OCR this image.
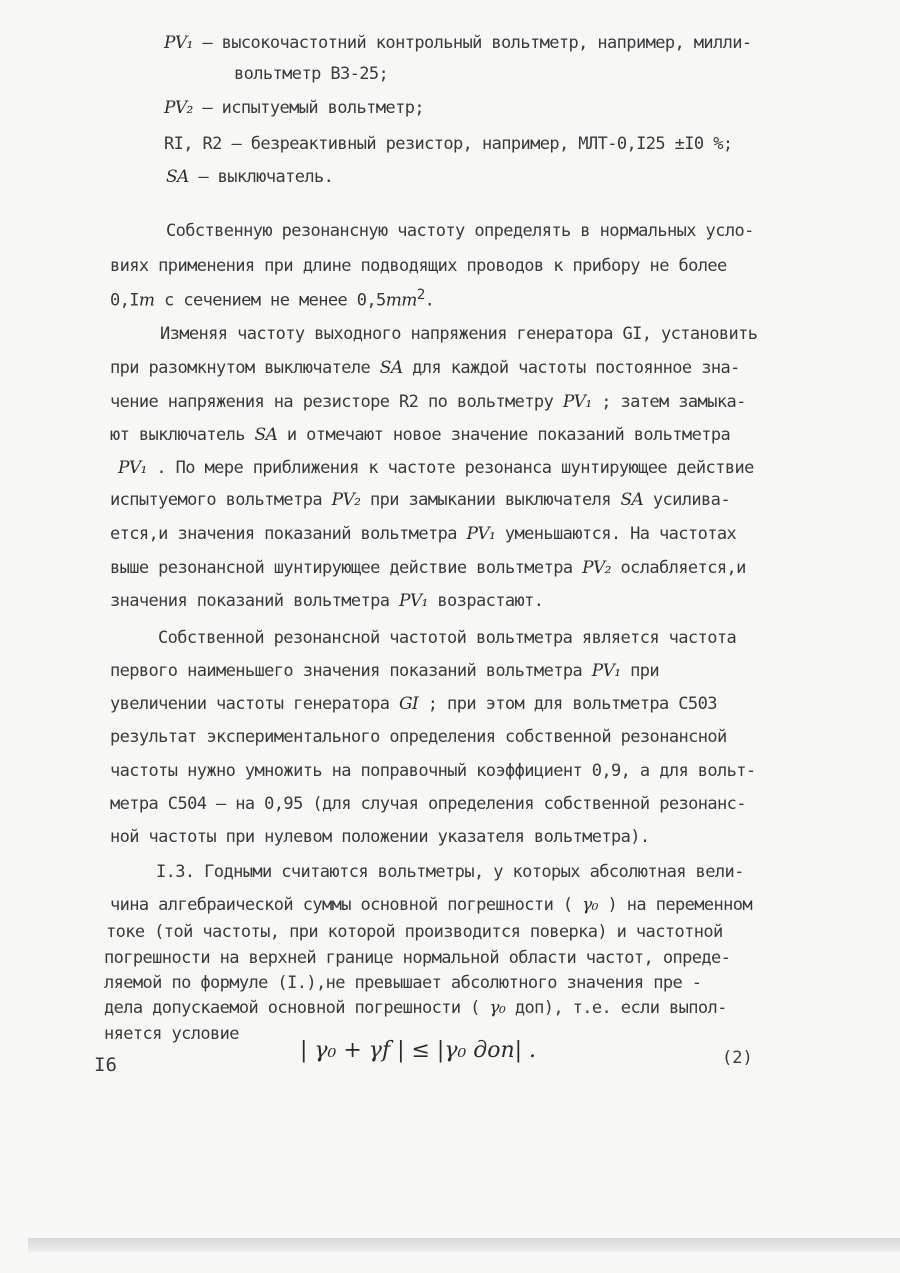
PV₁ – высокочастотний контрольный вольтметр, например, милли-
вольтметр В3-25;
PV₂ – испытуемый вольтметр;
RI, R2 – безреактивный резистор, например, МЛТ-0,I25 ±I0 %;
SA – выключатель.
Собственную резонансную частоту определять в нормальных усло-
виях применения при длине подводящих проводов к прибору не более
0,Im с сечением не менее $0,5mm^2$.
Изменяя частоту выходного напряжения генератора GI, установить
при разомкнутом выключателе SA для каждой частоты постоянное зна-
чение напряжения на резисторе R2 по вольтметру PV₁ ; затем замыка-
ют выключатель SA и отмечают новое значение показаний вольтметра
PV₁ . По мере приближения к частоте резонанса шунтирующее действие
испытуемого вольтметра PV₂ при замыкании выключателя SA усилива-
ется,и значения показаний вольтметра PV₁ уменьшаются. На частотах
выше резонансной шунтирующее действие вольтметра PV₂ ослабляется,и
значения показаний вольтметра PV₁ возрастают.
Собственной резонансной частотой вольтметра является частота
первого наименьшего значения показаний вольтметра PV₁ при
увеличении частоты генератора GI ; при этом для вольтметра С503
результат экспериментального определения собственной резонансной
частоты нужно умножить на поправочный коэффициент 0,9, а для вольт-
метра С504 – на 0,95 (для случая определения собственной резонанс-
ной частоты при нулевом положении указателя вольтметра).
I.3. Годными считаются вольтметры, у которых абсолютная вели-
чина алгебраической суммы основной погрешности ( γ₀ ) на переменном
токе (той частоты, при которой производится поверка) и частотной
погрешности на верхней границе нормальной области частот, опреде-
ляемой по формуле (I.),не превышает абсолютного значения пре -
дела допускаемой основной погрешности ( γ₀ доп), т.е. если выпол-
няется условие
| γ₀ + γf | ≤ |γ₀ доп| .	(2)
I6
